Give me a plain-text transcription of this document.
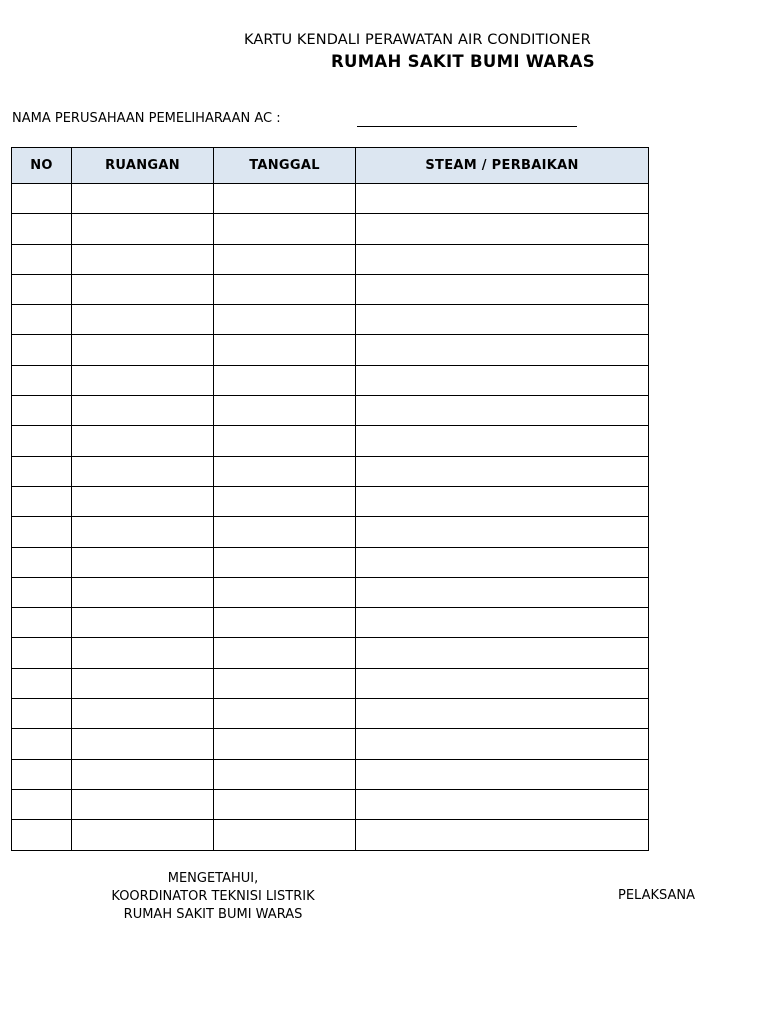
KARTU KENDALI PERAWATAN AIR CONDITIONER
RUMAH SAKIT BUMI WARAS
NAMA PERUSAHAAN PEMELIHARAAN AC :
NO	RUANGAN	TANGGAL	STEAM / PERBAIKAN

MENGETAHUI,
KOORDINATOR TEKNISI LISTRIK
RUMAH SAKIT BUMI WARAS
PELAKSANA
